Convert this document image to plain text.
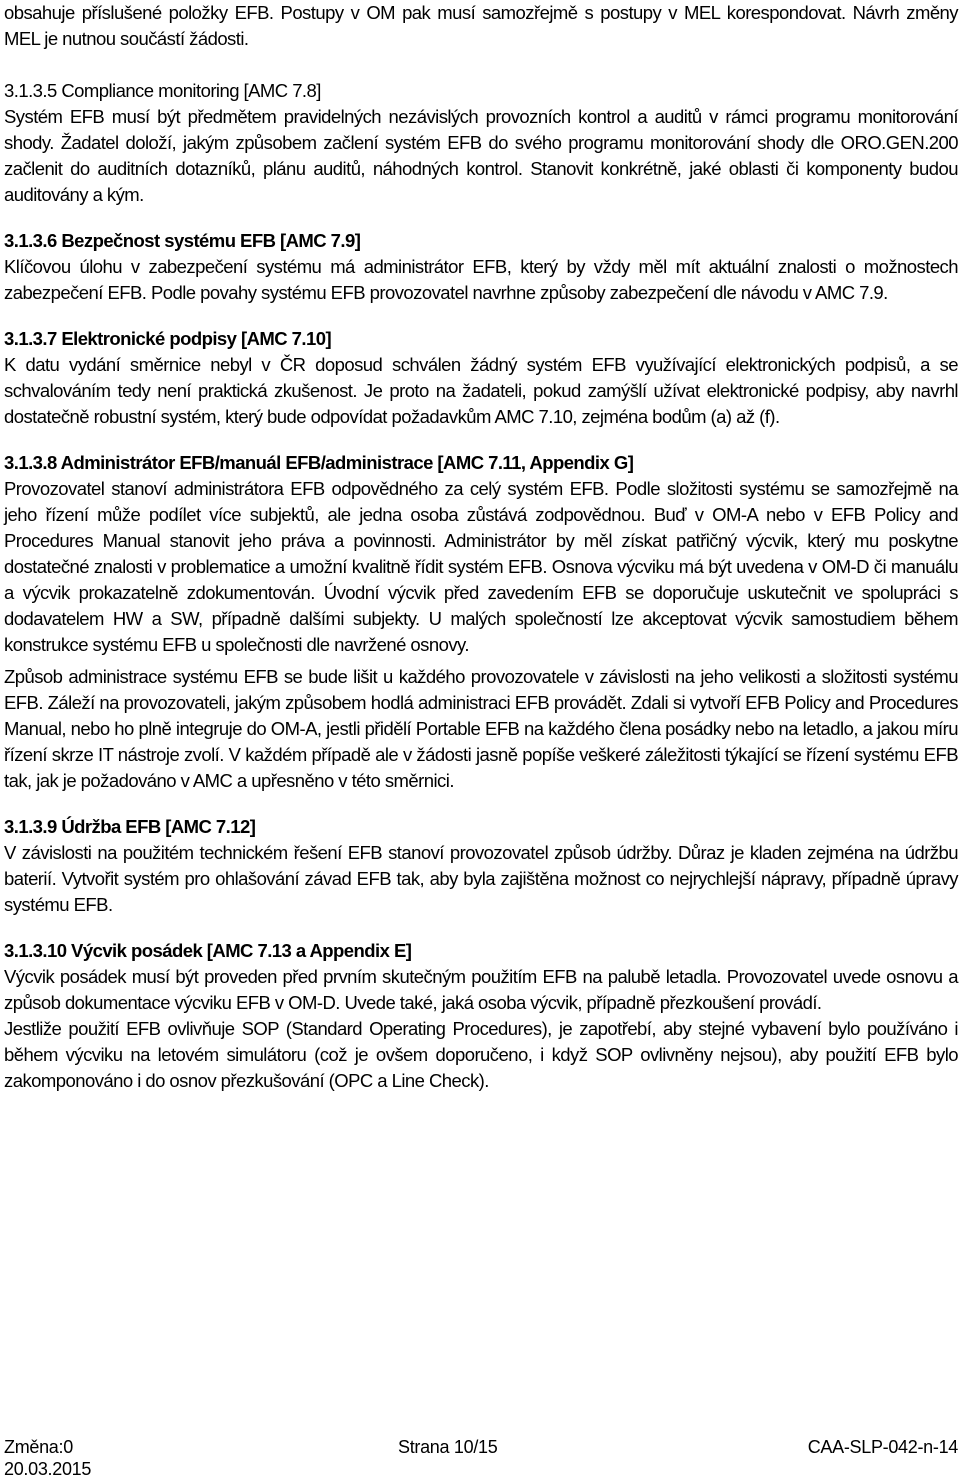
obsahuje příslušené položky EFB. Postupy v OM pak musí samozřejmě s postupy v MEL korespondovat. Návrh změny MEL je nutnou součástí žádosti.

3.1.3.5 Compliance monitoring [AMC 7.8]

Systém EFB musí být předmětem pravidelných nezávislých provozních kontrol a auditů v rámci programu monitorování shody. Žadatel doloží, jakým způsobem začlení systém EFB do svého programu monitorování shody dle ORO.GEN.200 začlenit do auditních dotazníků, plánu auditů, náhodných kontrol. Stanovit konkrétně, jaké oblasti či komponenty budou auditovány a kým.

3.1.3.6 Bezpečnost systému EFB [AMC 7.9]

Klíčovou úlohu v zabezpečení systému má administrátor EFB, který by vždy měl mít aktuální znalosti o možnostech zabezpečení EFB. Podle povahy systému EFB provozovatel navrhne způsoby zabezpečení dle návodu v AMC 7.9.

3.1.3.7 Elektronické podpisy [AMC 7.10]

K datu vydání směrnice nebyl v ČR doposud schválen žádný systém EFB využívající elektronických podpisů, a se schvalováním tedy není praktická zkušenost. Je proto na žadateli, pokud zamýšlí užívat elektronické podpisy, aby navrhl dostatečně robustní systém, který bude odpovídat požadavkům AMC 7.10, zejména bodům (a) až (f).

3.1.3.8 Administrátor EFB/manuál EFB/administrace [AMC 7.11, Appendix G]

Provozovatel stanoví administrátora EFB odpovědného za celý systém EFB. Podle složitosti systému se samozřejmě na jeho řízení může podílet více subjektů, ale jedna osoba zůstává zodpovědnou. Buď v OM-A nebo v EFB Policy and Procedures Manual stanovit jeho práva a povinnosti. Administrátor by měl získat patřičný výcvik, který mu poskytne dostatečné znalosti v problematice a umožní kvalitně řídit systém EFB. Osnova výcviku má být uvedena v OM-D či manuálu a výcvik prokazatelně zdokumentován. Úvodní výcvik před zavedením EFB se doporučuje uskutečnit ve spolupráci s dodavatelem HW a SW, případně dalšími subjekty. U malých společností lze akceptovat výcvik samostudiem během konstrukce systému EFB u společnosti dle navržené osnovy.

Způsob administrace systému EFB se bude lišit u každého provozovatele v závislosti na jeho velikosti a složitosti systému EFB. Záleží na provozovateli, jakým způsobem hodlá administraci EFB provádět. Zdali si vytvoří EFB Policy and Procedures Manual, nebo ho plně integruje do OM-A, jestli přidělí Portable EFB na každého člena posádky nebo na letadlo, a jakou míru řízení skrze IT nástroje zvolí. V každém případě ale v žádosti jasně popíše veškeré záležitosti týkající se řízení systému EFB tak, jak je požadováno v AMC a upřesněno v této směrnici.

3.1.3.9 Údržba EFB [AMC 7.12]

V závislosti na použitém technickém řešení EFB stanoví provozovatel způsob údržby. Důraz je kladen zejména na údržbu baterií. Vytvořit systém pro ohlašování závad EFB tak, aby byla zajištěna možnost co nejrychlejší nápravy, případně úpravy systému EFB.

3.1.3.10 Výcvik posádek [AMC 7.13 a Appendix E]

Výcvik posádek musí být proveden před prvním skutečným použitím EFB na palubě letadla. Provozovatel uvede osnovu a způsob dokumentace výcviku EFB v OM-D. Uvede také, jaká osoba výcvik, případně přezkoušení provádí.

Jestliže použití EFB ovlivňuje SOP (Standard Operating Procedures), je zapotřebí, aby stejné vybavení bylo používáno i během výcviku na letovém simulátoru (což je ovšem doporučeno, i když SOP ovlivněny nejsou), aby použití EFB bylo zakomponováno i do osnov přezkušování (OPC a Line Check).

Změna:0
20.03.2015
Strana 10/15	CAA-SLP-042-n-14
